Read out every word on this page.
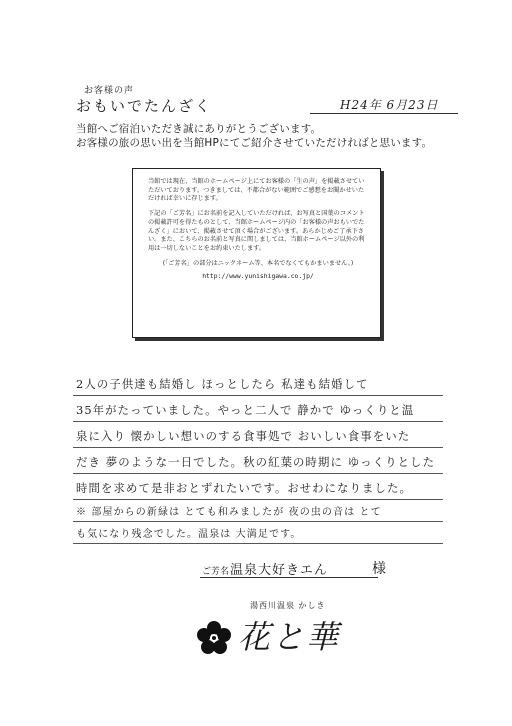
お客様の声
おもいでたんざく	H24年 6月23日
当館へご宿泊いただき誠にありがとうございます。
お客様の旅の思い出を当館HPにてご紹介させていただければと思います。

当館では現在、当館のホームページ上にてお客様の「生の声」を掲載させていただいております。つきましては、不都合がない範囲でご感想をお聞かせいただければ幸いに存じます。

下記の「ご芳名」にお名前を記入していただければ、お写真と国葉のコメントの掲載許可を得たものとして、当館ホームページ内の「お客様の声おもいでたんざく」において、掲載させて頂く場合がございます。あらかじめご了承下さい。また、こちらのお名前と写真に関しましては、当館ホームページ以外の利用は一切しないことをお約束いたします。

(「ご芳名」の部分はニックネーム等、本名でなくてもかまいません。)
http://www.yunishigawa.co.jp/
2人の子供達も結婚し ほっとしたら 私達も結婚して
35年がたっていました。やっと二人で 静かで ゆっくりと温
泉に入り 懐かしい想いのする食事処で おいしい食事をいた
だき 夢のような一日でした。秋の紅葉の時期に ゆっくりとした
時間を求めて是非おとずれたいです。おせわになりました。
※ 部屋からの新緑は とても和みましたが 夜の虫の音は とて
も気になり残念でした。温泉は 大満足です。
ご芳名 温泉大好きエん	様
湯西川温泉 かしき
花と華
